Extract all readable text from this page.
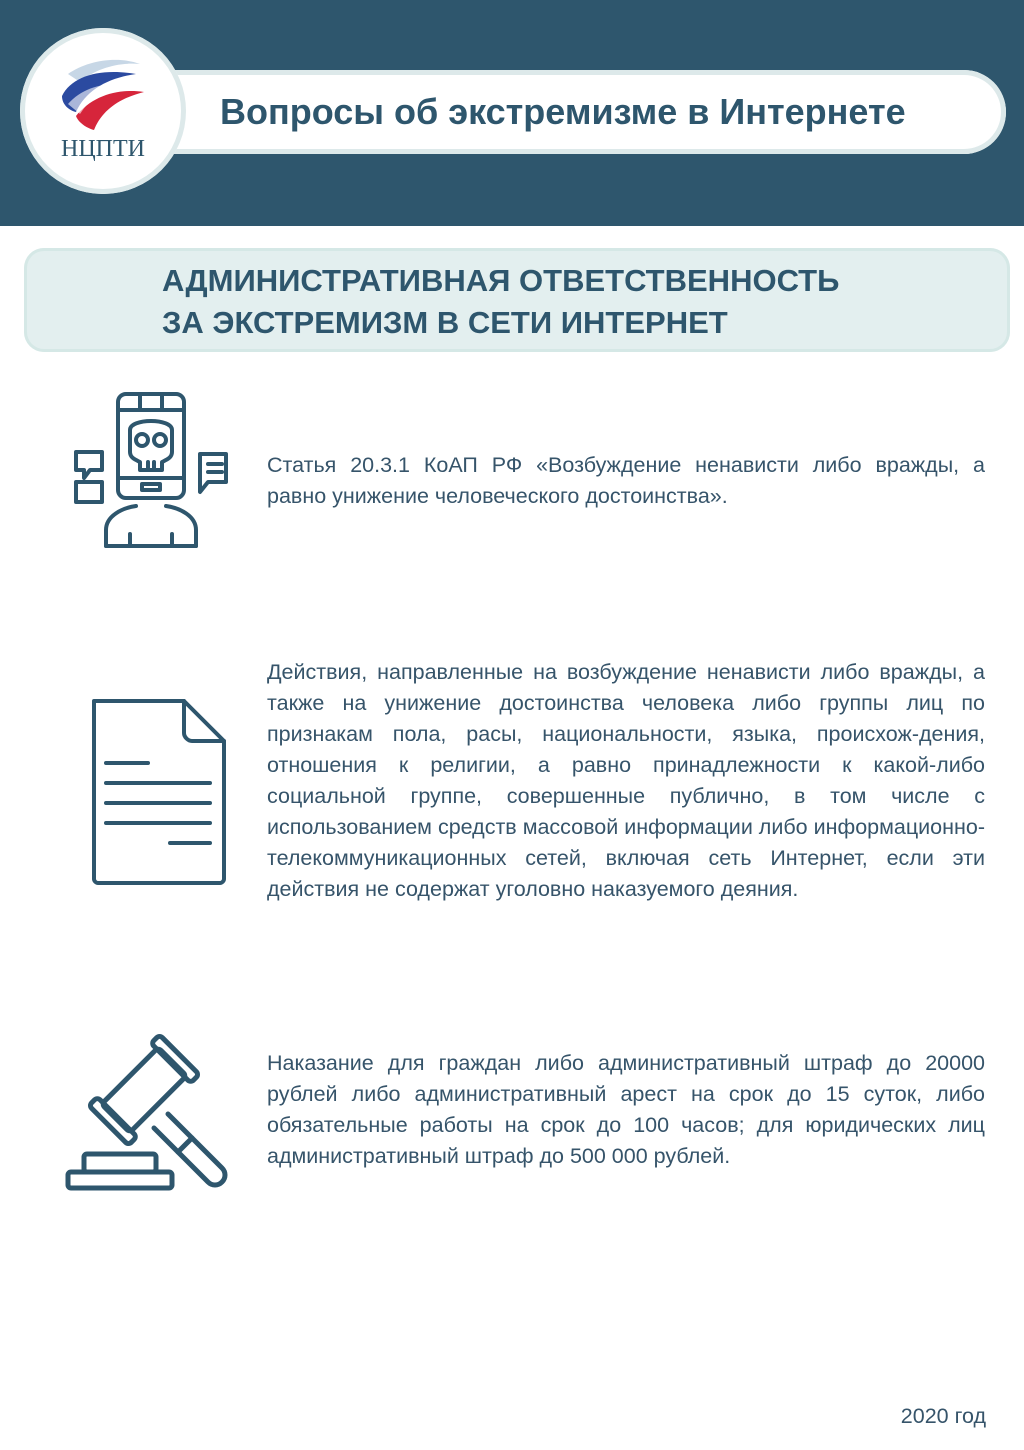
Вопросы об экстремизме в Интернете
НЦПТИ
АДМИНИСТРАТИВНАЯ ОТВЕТСТВЕННОСТЬ
ЗА ЭКСТРЕМИЗМ В СЕТИ ИНТЕРНЕТ
Статья 20.3.1 КоАП РФ «Возбуждение ненависти либо вражды, а равно унижение человеческого достоинства».
Действия, направленные на возбуждение ненависти либо вражды, а также на унижение достоинства человека либо группы лиц по признакам пола, расы, национальности, языка, происхож-дения, отношения к религии, а равно принадлежности к какой-либо социальной группе, совершенные публично, в том числе с использованием средств массовой информации либо информационно-телекоммуникационных сетей, включая сеть Интернет, если эти действия не содержат уголовно наказуемого деяния.
Наказание для граждан либо административный штраф до 20000 рублей либо административный арест на срок до 15 суток, либо обязательные работы на срок до 100 часов; для юридических лиц административный штраф до 500 000 рублей.
2020 год
